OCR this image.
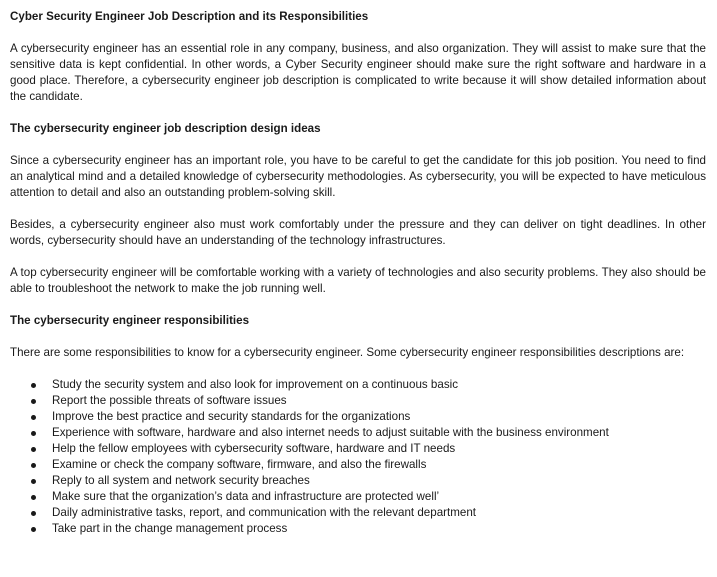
Cyber Security Engineer Job Description and its Responsibilities

A cybersecurity engineer has an essential role in any company, business, and also organization. They will assist to make sure that the sensitive data is kept confidential. In other words, a Cyber Security engineer should make sure the right software and hardware in a good place. Therefore, a cybersecurity engineer job description is complicated to write because it will show detailed information about the candidate.

The cybersecurity engineer job description design ideas

Since a cybersecurity engineer has an important role, you have to be careful to get the candidate for this job position. You need to find an analytical mind and a detailed knowledge of cybersecurity methodologies. As cybersecurity, you will be expected to have meticulous attention to detail and also an outstanding problem-solving skill.

Besides, a cybersecurity engineer also must work comfortably under the pressure and they can deliver on tight deadlines. In other words, cybersecurity should have an understanding of the technology infrastructures.

A top cybersecurity engineer will be comfortable working with a variety of technologies and also security problems. They also should be able to troubleshoot the network to make the job running well.

The cybersecurity engineer responsibilities

There are some responsibilities to know for a cybersecurity engineer. Some cybersecurity engineer responsibilities descriptions are:

Study the security system and also look for improvement on a continuous basic
Report the possible threats of software issues
Improve the best practice and security standards for the organizations
Experience with software, hardware and also internet needs to adjust suitable with the business environment
Help the fellow employees with cybersecurity software, hardware and IT needs
Examine or check the company software, firmware, and also the firewalls
Reply to all system and network security breaches
Make sure that the organization’s data and infrastructure are protected well’
Daily administrative tasks, report, and communication with the relevant department
Take part in the change management process
